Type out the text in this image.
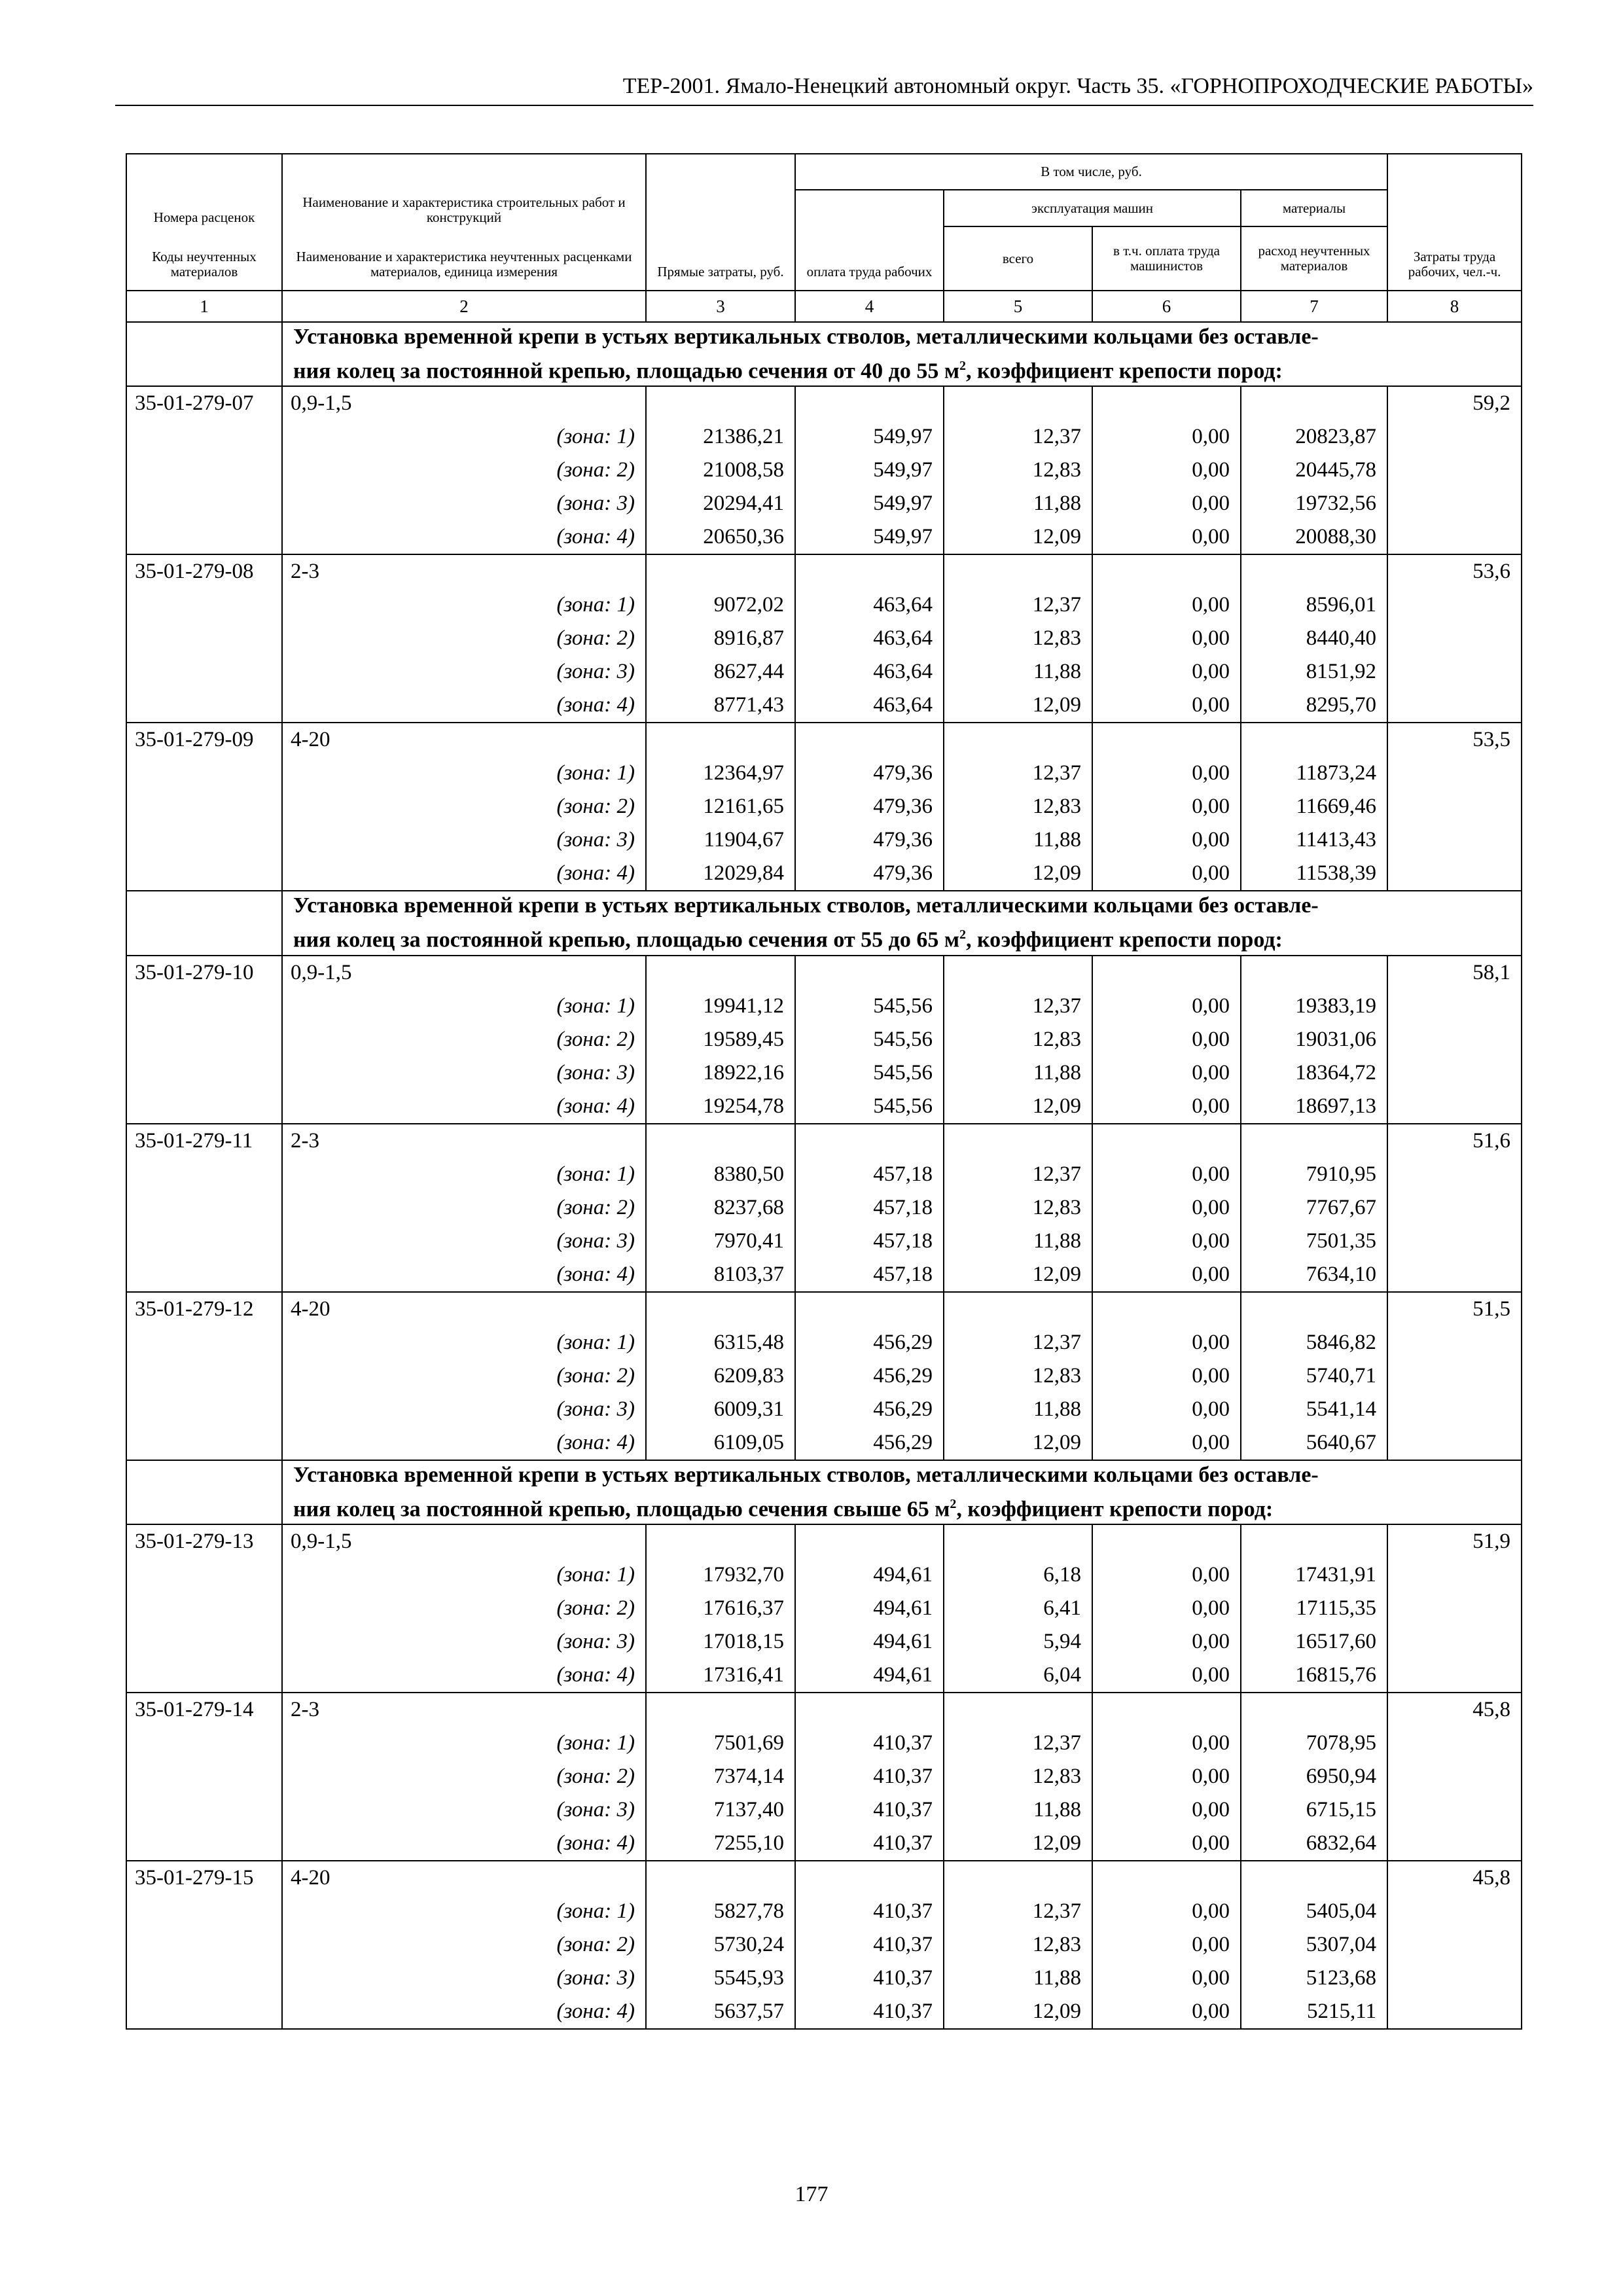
ТЕР-2001. Ямало-Ненецкий автономный округ. Часть 35. «ГОРНОПРОХОДЧЕСКИЕ РАБОТЫ»
Номера расценок	Наименование и характеристика строительных работ и конструкций	Прямые затраты, руб.	В том числе, руб.				Затраты труда рабочих, чел.-ч.
			оплата труда рабочих	эксплуатация машин		материалы	
Коды неучтенных материалов	Наименование и характеристика неучтенных расценками материалов, единица измерения			всего	в т.ч. оплата труда машинистов	расход неучтенных материалов	

1	2	3	4	5	6	7	8
	Установка временной крепи в устьях вертикальных стволов, металлическими кольцами без оставле-
ния колец за постоянной крепью, площадью сечения от 40 до 55 $м^2$, коэффициент крепости пород:						
35-01-279-07	0,9-1,5						59,2
	(зона: 1)	21386,21	549,97	12,37	0,00	20823,87	
	(зона: 2)	21008,58	549,97	12,83	0,00	20445,78	
	(зона: 3)	20294,41	549,97	11,88	0,00	19732,56	
	(зона: 4)	20650,36	549,97	12,09	0,00	20088,30	
35-01-279-08	2-3						53,6
	(зона: 1)	9072,02	463,64	12,37	0,00	8596,01	
	(зона: 2)	8916,87	463,64	12,83	0,00	8440,40	
	(зона: 3)	8627,44	463,64	11,88	0,00	8151,92	
	(зона: 4)	8771,43	463,64	12,09	0,00	8295,70	
35-01-279-09	4-20						53,5
	(зона: 1)	12364,97	479,36	12,37	0,00	11873,24	
	(зона: 2)	12161,65	479,36	12,83	0,00	11669,46	
	(зона: 3)	11904,67	479,36	11,88	0,00	11413,43	
	(зона: 4)	12029,84	479,36	12,09	0,00	11538,39	
	Установка временной крепи в устьях вертикальных стволов, металлическими кольцами без оставле-
ния колец за постоянной крепью, площадью сечения от 55 до 65 $м^2$, коэффициент крепости пород:						
35-01-279-10	0,9-1,5						58,1
	(зона: 1)	19941,12	545,56	12,37	0,00	19383,19	
	(зона: 2)	19589,45	545,56	12,83	0,00	19031,06	
	(зона: 3)	18922,16	545,56	11,88	0,00	18364,72	
	(зона: 4)	19254,78	545,56	12,09	0,00	18697,13	
35-01-279-11	2-3						51,6
	(зона: 1)	8380,50	457,18	12,37	0,00	7910,95	
	(зона: 2)	8237,68	457,18	12,83	0,00	7767,67	
	(зона: 3)	7970,41	457,18	11,88	0,00	7501,35	
	(зона: 4)	8103,37	457,18	12,09	0,00	7634,10	
35-01-279-12	4-20						51,5
	(зона: 1)	6315,48	456,29	12,37	0,00	5846,82	
	(зона: 2)	6209,83	456,29	12,83	0,00	5740,71	
	(зона: 3)	6009,31	456,29	11,88	0,00	5541,14	
	(зона: 4)	6109,05	456,29	12,09	0,00	5640,67	
	Установка временной крепи в устьях вертикальных стволов, металлическими кольцами без оставле-
ния колец за постоянной крепью, площадью сечения свыше 65 $м^2$, коэффициент крепости пород:						
35-01-279-13	0,9-1,5						51,9
	(зона: 1)	17932,70	494,61	6,18	0,00	17431,91	
	(зона: 2)	17616,37	494,61	6,41	0,00	17115,35	
	(зона: 3)	17018,15	494,61	5,94	0,00	16517,60	
	(зона: 4)	17316,41	494,61	6,04	0,00	16815,76	
35-01-279-14	2-3						45,8
	(зона: 1)	7501,69	410,37	12,37	0,00	7078,95	
	(зона: 2)	7374,14	410,37	12,83	0,00	6950,94	
	(зона: 3)	7137,40	410,37	11,88	0,00	6715,15	
	(зона: 4)	7255,10	410,37	12,09	0,00	6832,64	
35-01-279-15	4-20						45,8
	(зона: 1)	5827,78	410,37	12,37	0,00	5405,04	
	(зона: 2)	5730,24	410,37	12,83	0,00	5307,04	
	(зона: 3)	5545,93	410,37	11,88	0,00	5123,68	
	(зона: 4)	5637,57	410,37	12,09	0,00	5215,11	
177
